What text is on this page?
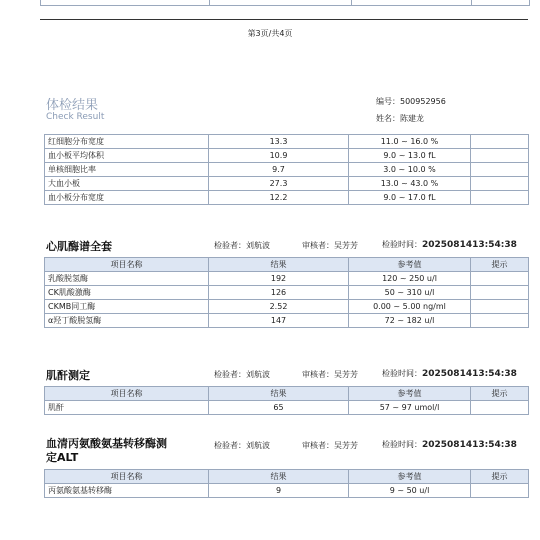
第3页/共4页
体检结果
Check Result
编号：500952956
姓名：陈建龙
红细胞分布宽度	13.3	11.0 ~ 16.0 %	
血小板平均体积	10.9	9.0 ~ 13.0 fL	
单核细胞比率	9.7	3.0 ~ 10.0 %	
大血小板	27.3	13.0 ~ 43.0 %	
血小板分布宽度	12.2	9.0 ~ 17.0 fL	
心肌酶谱全套	检验者：刘航波	审核者：吴芳芳	检验时间：2025081413:54:38
项目名称	结果	参考值	提示
乳酸脱氢酶	192	120 ~ 250 u/l	
CK肌酸激酶	126	50 ~ 310 u/l	
CKMB同工酶	2.52	0.00 ~ 5.00 ng/ml	
α羟丁酸脱氢酶	147	72 ~ 182 u/l	
肌酐测定	检验者：刘航波	审核者：吴芳芳	检验时间：2025081413:54:38
项目名称	结果	参考值	提示
肌酐	65	57 ~ 97 umol/l	
血清丙氨酸氨基转移酶测
定ALT
检验者：刘航波	审核者：吴芳芳	检验时间：2025081413:54:38
项目名称	结果	参考值	提示
丙氨酸氨基转移酶	9	9 ~ 50 u/l	
